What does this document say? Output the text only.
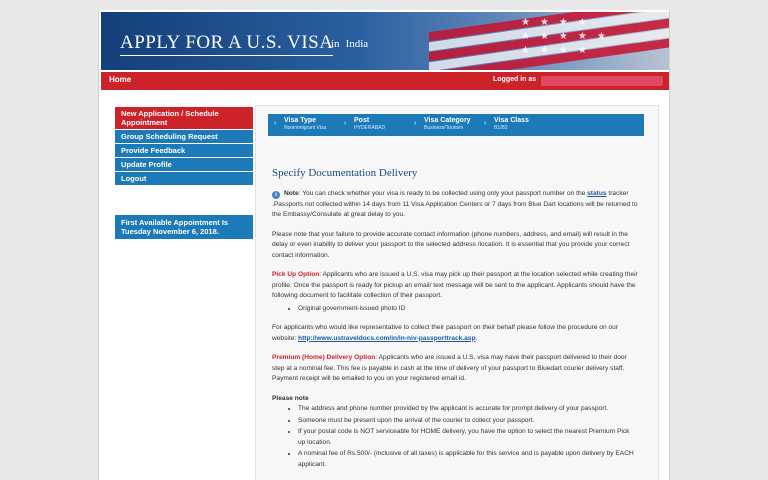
★★★★
★★★★★
★★★★
APPLY FOR A U.S. VISA
in India
Home	Logged in as
New Application / Schedule Appointment
Group Scheduling Request
Provide Feedback
Update Profile
Logout
First Available Appointment Is Tuesday November 6, 2018.
› Visa Type
Nonimmigrant Visa
› Post
HYDERABAD
› Visa Category
Business/Tourism
› Visa Class
B1/B2
Specify Documentation Delivery

i Note: You can check whether your visa is ready to be collected using only your passport number on the status tracker .Passports not collected within 14 days from 11 Visa Application Centers or 7 days from Blue Dart locations will be returned to the Embassy/Consulate at great delay to you.

Please note that your failure to provide accurate contact information (phone numbers, address, and email) will result in the delay or even inability to deliver your passport to the selected address /location. It is essential that you provide your correct contact information.

Pick Up Option: Applicants who are issued a U.S. visa may pick up their passport at the location selected while creating their profile. Once the passport is ready for pickup an email/ text message will be sent to the applicant. Applicants should have the following document to facilitate collection of their passport.

• Original government-issued photo ID

For applicants who would like representative to collect their passport on their behalf please follow the procedure on our website: http://www.ustraveldocs.com/in/in-niv-passporttrack.asp.

Premium (Home) Delivery Option: Applicants who are issued a U.S. visa may have their passport delivered to their door step at a nominal fee. This fee is payable in cash at the time of delivery of your passport to Bluedart courier delivery staff. Payment receipt will be emailed to you on your registered email id.

Please note

• The address and phone number provided by the applicant is accurate for prompt delivery of your passport.
• Someone must be present upon the arrival of the courier to collect your passport.
• If your postal code is NOT serviceable for HOME delivery, you have the option to select the nearest Premium Pick up location.
• A nominal fee of Rs.500/- (inclusive of all taxes) is applicable for this service and is payable upon delivery by EACH applicant.
